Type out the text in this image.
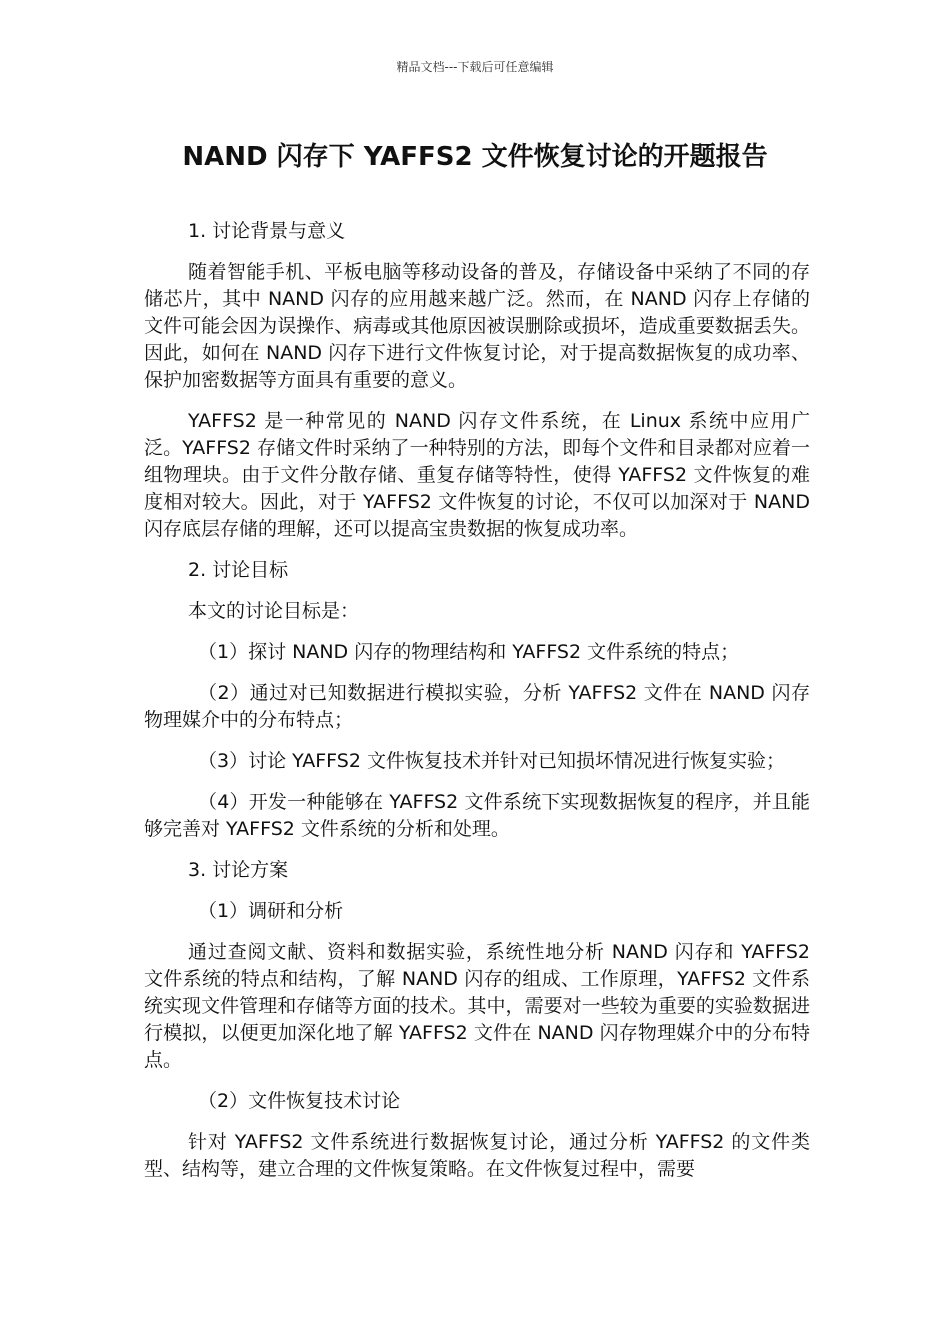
精品文档---下载后可任意编辑
NAND 闪存下 YAFFS2 文件恢复讨论的开题报告

1. 讨论背景与意义

随着智能手机、平板电脑等移动设备的普及，存储设备中采纳了不同的存储芯片，其中 NAND 闪存的应用越来越广泛。然而，在 NAND 闪存上存储的文件可能会因为误操作、病毒或其他原因被误删除或损坏，造成重要数据丢失。因此，如何在 NAND 闪存下进行文件恢复讨论，对于提高数据恢复的成功率、保护加密数据等方面具有重要的意义。

YAFFS2 是一种常见的 NAND 闪存文件系统，在 Linux 系统中应用广泛。YAFFS2 存储文件时采纳了一种特别的方法，即每个文件和目录都对应着一组物理块。由于文件分散存储、重复存储等特性，使得 YAFFS2 文件恢复的难度相对较大。因此，对于 YAFFS2 文件恢复的讨论，不仅可以加深对于 NAND 闪存底层存储的理解，还可以提高宝贵数据的恢复成功率。

2. 讨论目标

本文的讨论目标是：

（1）探讨 NAND 闪存的物理结构和 YAFFS2 文件系统的特点；

（2）通过对已知数据进行模拟实验，分析 YAFFS2 文件在 NAND 闪存物理媒介中的分布特点；

（3）讨论 YAFFS2 文件恢复技术并针对已知损坏情况进行恢复实验；

（4）开发一种能够在 YAFFS2 文件系统下实现数据恢复的程序，并且能够完善对 YAFFS2 文件系统的分析和处理。

3. 讨论方案

（1）调研和分析

通过查阅文献、资料和数据实验，系统性地分析 NAND 闪存和 YAFFS2 文件系统的特点和结构，了解 NAND 闪存的组成、工作原理，YAFFS2 文件系统实现文件管理和存储等方面的技术。其中，需要对一些较为重要的实验数据进行模拟，以便更加深化地了解 YAFFS2 文件在 NAND 闪存物理媒介中的分布特点。

（2）文件恢复技术讨论

针对 YAFFS2 文件系统进行数据恢复讨论，通过分析 YAFFS2 的文件类型、结构等，建立合理的文件恢复策略。在文件恢复过程中，需要
